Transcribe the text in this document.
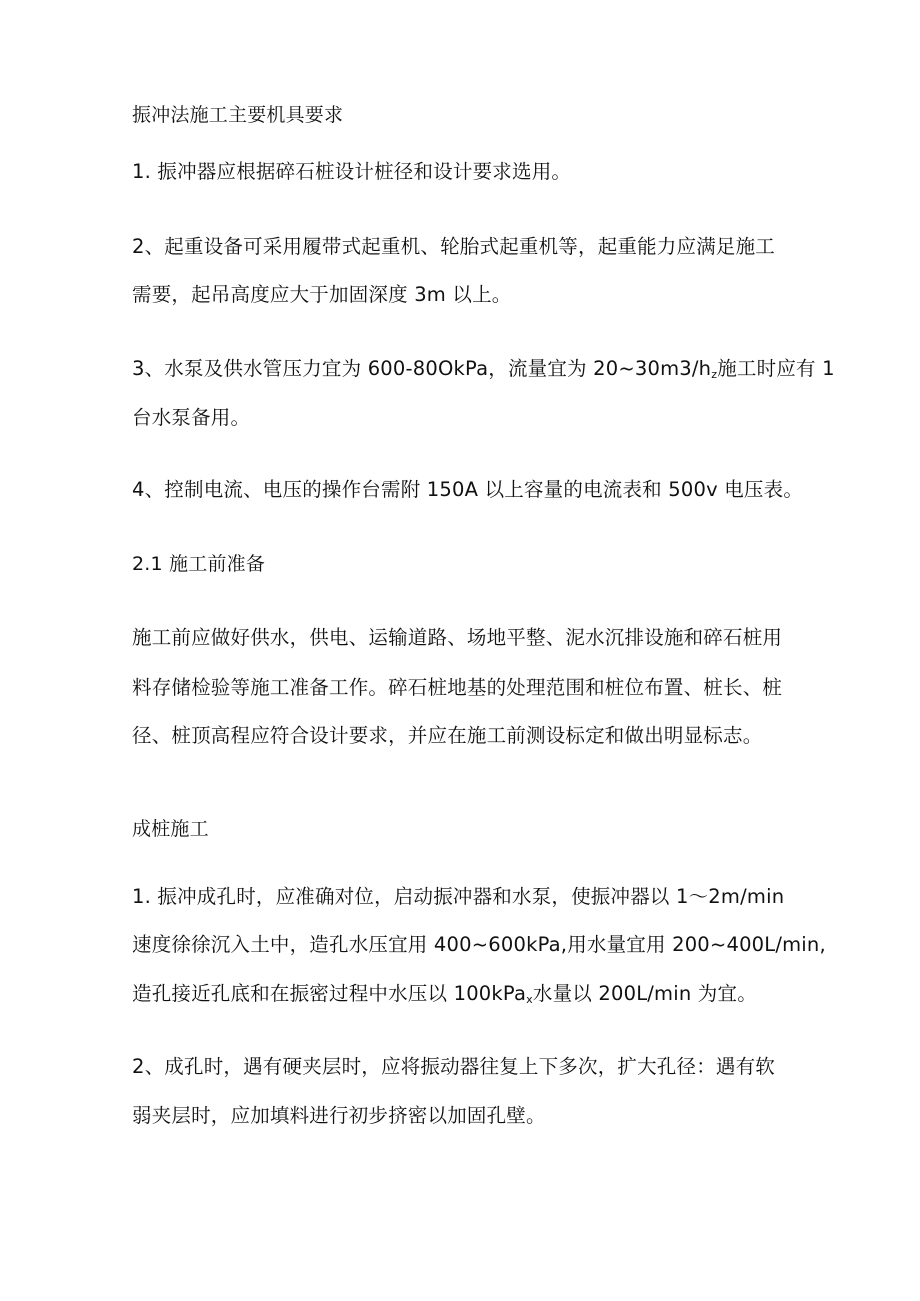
振冲法施工主要机具要求
1. 振冲器应根据碎石桩设计桩径和设计要求选用。
2、起重设备可采用履带式起重机、轮胎式起重机等，起重能力应满足施工
需要，起吊高度应大于加固深度 3m 以上。
3、水泵及供水管压力宜为 600-80OkPa，流量宜为 $20\sim 30m3/h_z$施工时应有 1
台水泵备用。
4、控制电流、电压的操作台需附 150A 以上容量的电流表和 500v 电压表。
2.1 施工前准备
施工前应做好供水，供电、运输道路、场地平整、泥水沉排设施和碎石桩用
料存储检验等施工准备工作。碎石桩地基的处理范围和桩位布置、桩长、桩
径、桩顶高程应符合设计要求，并应在施工前测设标定和做出明显标志。
成桩施工
1. 振冲成孔时，应准确对位，启动振冲器和水泵，使振冲器以 1～2m/min
速度徐徐沉入土中，造孔水压宜用 400~600kPa,用水量宜用 200~400L/min,
造孔接近孔底和在振密过程中水压以 100kPa$_x$水量以 200L/min 为宜。
2、成孔时，遇有硬夹层时，应将振动器往复上下多次，扩大孔径：遇有软
弱夹层时，应加填料进行初步挤密以加固孔壁。
